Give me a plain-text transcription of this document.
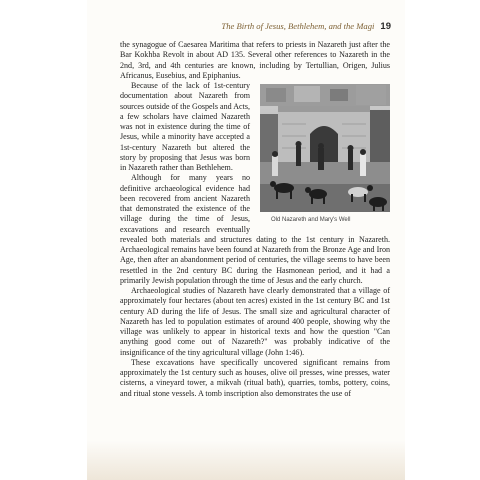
The Birth of Jesus, Bethlehem, and the Magi 19

the synagogue of Caesarea Maritima that refers to priests in Nazareth just after the Bar Kokhba Revolt in about AD 135. Several other references to Nazareth in the 2nd, 3rd, and 4th centuries are known, including by Tertullian, Origen, Julius Africanus, Eusebius, and Epiphanius.

Old Nazareth and Mary's Well
Because of the lack of 1st-century documentation about Nazareth from sources outside of the Gospels and Acts, a few scholars have claimed Nazareth was not in existence during the time of Jesus, while a minority have accepted a 1st-century Nazareth but altered the story by proposing that Jesus was born in Nazareth rather than Bethlehem.

Although for many years no definitive archaeological evidence had been recovered from ancient Nazareth that demonstrated the existence of the village during the time of Jesus, excavations and research eventually revealed both materials and structures dating to the 1st century in Nazareth. Archaeological remains have been found at Nazareth from the Bronze Age and Iron Age, then after an abandonment period of centuries, the village seems to have been resettled in the 2nd century BC during the Hasmonean period, and it had a primarily Jewish population through the time of Jesus and the early church.

Archaeological studies of Nazareth have clearly demonstrated that a village of approximately four hectares (about ten acres) existed in the 1st century BC and 1st century AD during the life of Jesus. The small size and agricultural character of Nazareth has led to population estimates of around 400 people, showing why the village was unlikely to appear in historical texts and how the question "Can anything good come out of Nazareth?" was probably indicative of the insignificance of the tiny agricultural village (John 1:46).

These excavations have specifically uncovered significant remains from approximately the 1st century such as houses, olive oil presses, wine presses, water cisterns, a vineyard tower, a mikvah (ritual bath), quarries, tombs, pottery, coins, and ritual stone vessels. A tomb inscription also demonstrates the use of
